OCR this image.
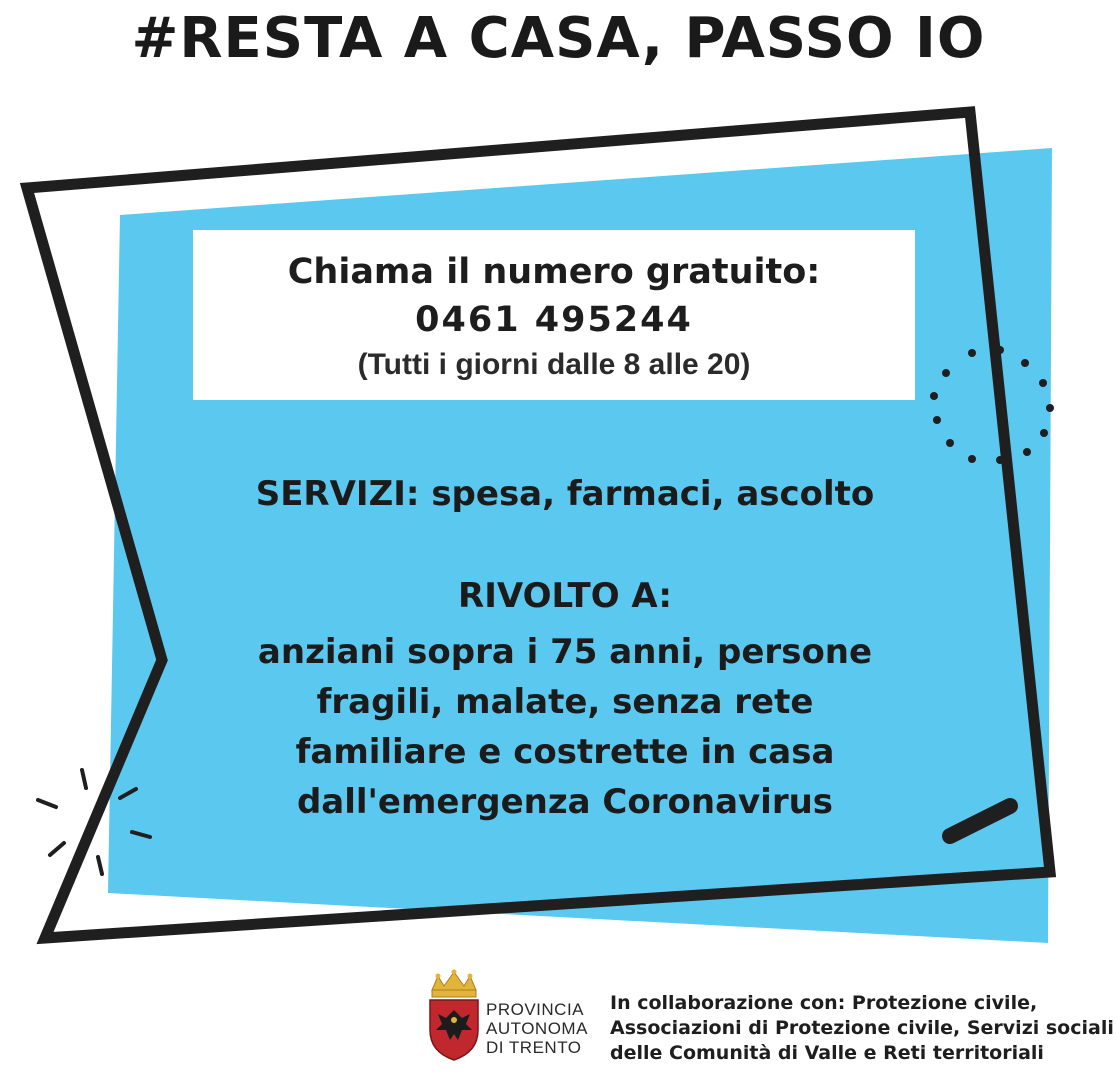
#RESTA A CASA, PASSO IO
Chiama il numero gratuito:
0461 495244
(Tutti i giorni dalle 8 alle 20)
SERVIZI: spesa, farmaci, ascolto
RIVOLTO A:
anziani sopra i 75 anni, persone
fragili, malate, senza rete
familiare e costrette in casa
dall'emergenza Coronavirus
PROVINCIA
AUTONOMA
DI TRENTO
In collaborazione con: Protezione civile,
Associazioni di Protezione civile, Servizi sociali
delle Comunità di Valle e Reti territoriali
